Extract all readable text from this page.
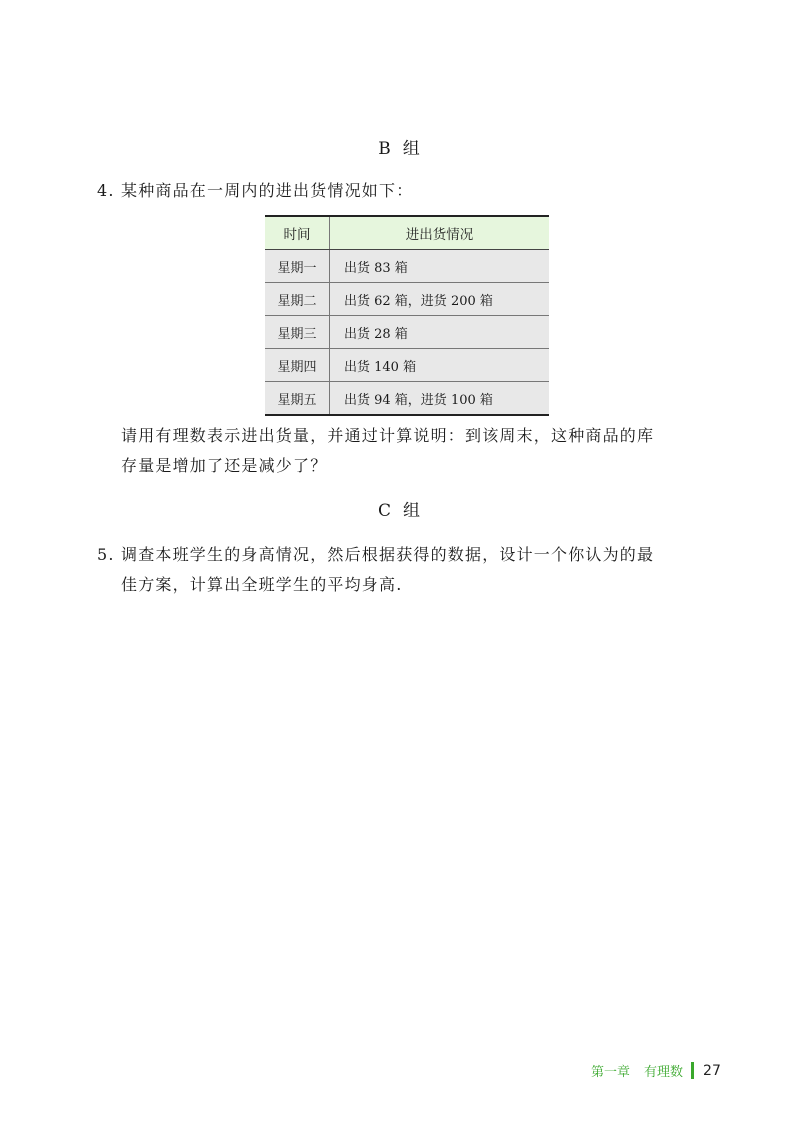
B 组
4. 某种商品在一周内的进出货情况如下：
时间	进出货情况
星期一	出货 83 箱
星期二	出货 62 箱，进货 200 箱
星期三	出货 28 箱
星期四	出货 140 箱
星期五	出货 94 箱，进货 100 箱
请用有理数表示进出货量，并通过计算说明：到该周末，这种商品的库
存量是增加了还是减少了？
C 组
5. 调查本班学生的身高情况，然后根据获得的数据，设计一个你认为的最
佳方案，计算出全班学生的平均身高.
第一章 有理数 27
